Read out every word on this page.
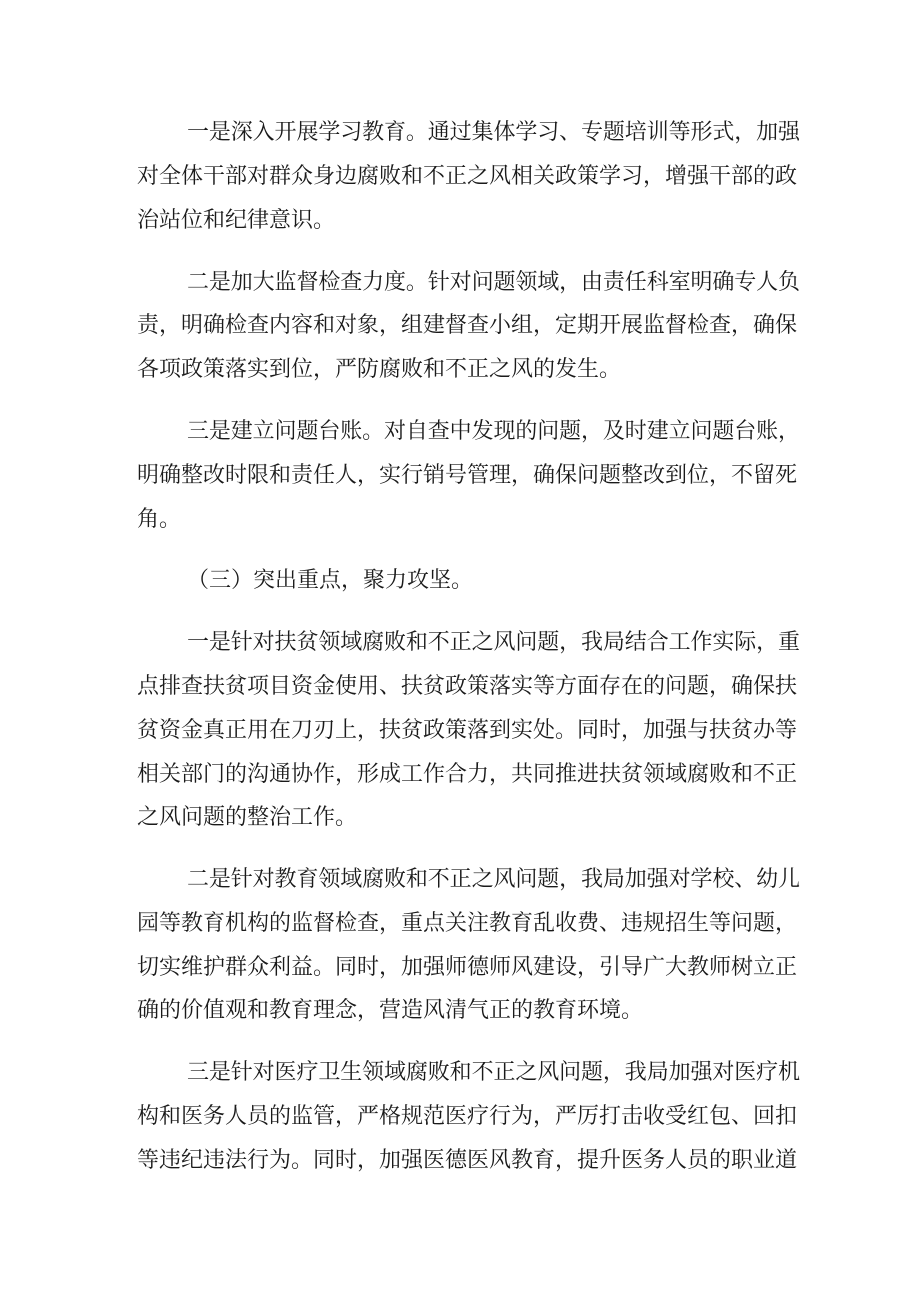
一是深入开展学习教育。通过集体学习、专题培训等形式，加强

对全体干部对群众身边腐败和不正之风相关政策学习，增强干部的政

治站位和纪律意识。

二是加大监督检查力度。针对问题领域，由责任科室明确专人负

责，明确检查内容和对象，组建督查小组，定期开展监督检查，确保

各项政策落实到位，严防腐败和不正之风的发生。

三是建立问题台账。对自查中发现的问题，及时建立问题台账，

明确整改时限和责任人，实行销号管理，确保问题整改到位，不留死

角。

（三）突出重点，聚力攻坚。

一是针对扶贫领域腐败和不正之风问题，我局结合工作实际，重

点排查扶贫项目资金使用、扶贫政策落实等方面存在的问题，确保扶

贫资金真正用在刀刃上，扶贫政策落到实处。同时，加强与扶贫办等

相关部门的沟通协作，形成工作合力，共同推进扶贫领域腐败和不正

之风问题的整治工作。

二是针对教育领域腐败和不正之风问题，我局加强对学校、幼儿

园等教育机构的监督检查，重点关注教育乱收费、违规招生等问题，

切实维护群众利益。同时，加强师德师风建设，引导广大教师树立正

确的价值观和教育理念，营造风清气正的教育环境。

三是针对医疗卫生领域腐败和不正之风问题，我局加强对医疗机

构和医务人员的监管，严格规范医疗行为，严厉打击收受红包、回扣

等违纪违法行为。同时，加强医德医风教育，提升医务人员的职业道
